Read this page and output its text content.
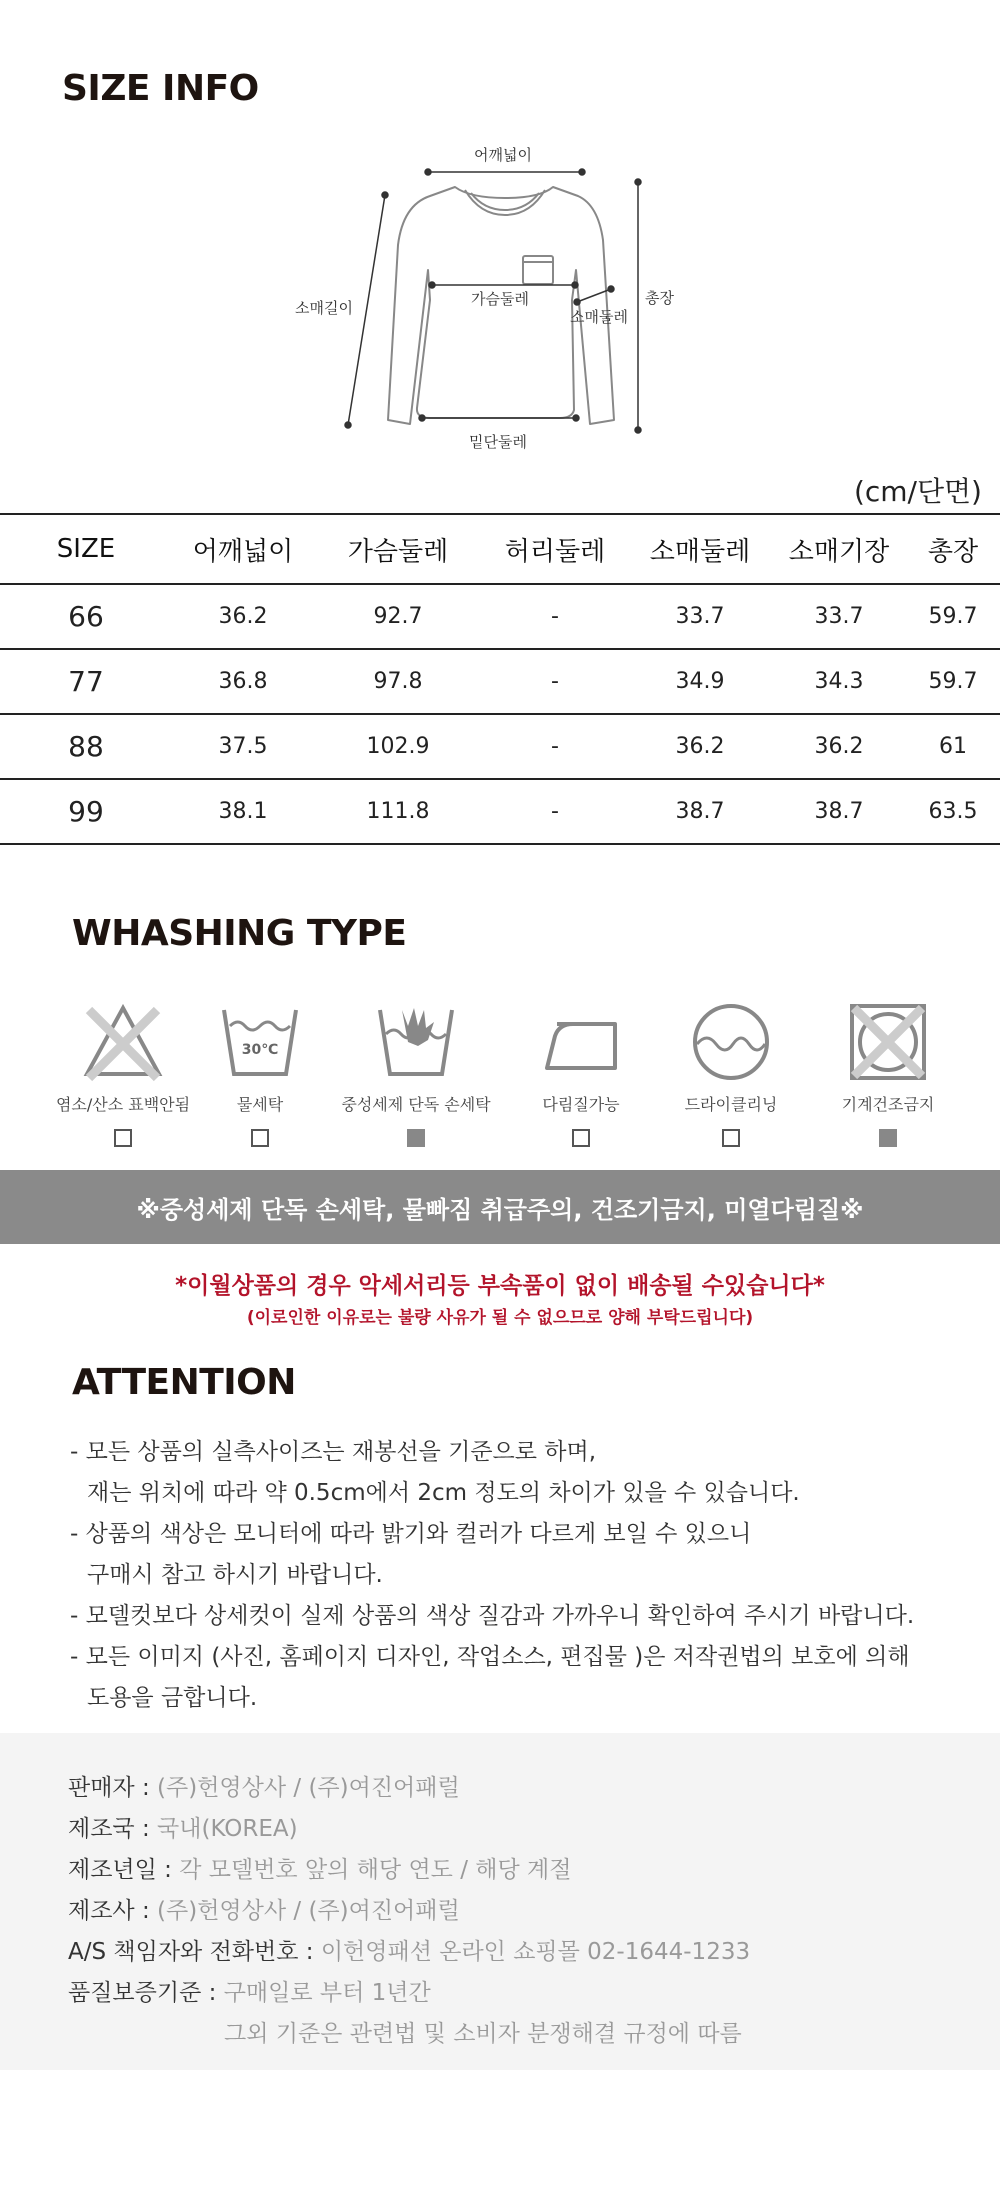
SIZE INFO
어깨넓이
가슴둘레
소매길이	소매둘레
총장
밑단둘레
(cm/단면)
SIZE	어깨넓이	가슴둘레	허리둘레	소매둘레	소매기장	총장
66	36.2	92.7	-	33.7	33.7	59.7
77	36.8	97.8	-	34.9	34.3	59.7
88	37.5	102.9	-	36.2	36.2	61
99	38.1	111.8	-	38.7	38.7	63.5
WHASHING TYPE
염소/산소 표백안됨
30℃
물세탁	중성세제 단독 손세탁	다림질가능	드라이클리닝	기계건조금지
※중성세제 단독 손세탁, 물빠짐 취급주의, 건조기금지, 미열다림질※
*이월상품의 경우 악세서리등 부속품이 없이 배송될 수있습니다*
(이로인한 이유로는 불량 사유가 될 수 없으므로 양해 부탁드립니다)
ATTENTION
- 모든 상품의 실측사이즈는 재봉선을 기준으로 하며,
재는 위치에 따라 약 0.5cm에서 2cm 정도의 차이가 있을 수 있습니다.
- 상품의 색상은 모니터에 따라 밝기와 컬러가 다르게 보일 수 있으니
구매시 참고 하시기 바랍니다.
- 모델컷보다 상세컷이 실제 상품의 색상 질감과 가까우니 확인하여 주시기 바랍니다.
- 모든 이미지 (사진, 홈페이지 디자인, 작업소스, 편집물 )은 저작권법의 보호에 의해
도용을 금합니다.
판매자 : (주)헌영상사 / (주)여진어패럴
제조국 : 국내(KOREA)
제조년일 : 각 모델번호 앞의 해당 연도 / 해당 계절
제조사 : (주)헌영상사 / (주)여진어패럴
A/S 책임자와 전화번호 : 이헌영패션 온라인 쇼핑몰 02-1644-1233
품질보증기준 : 구매일로 부터 1년간
그외 기준은 관련법 및 소비자 분쟁해결 규정에 따름
